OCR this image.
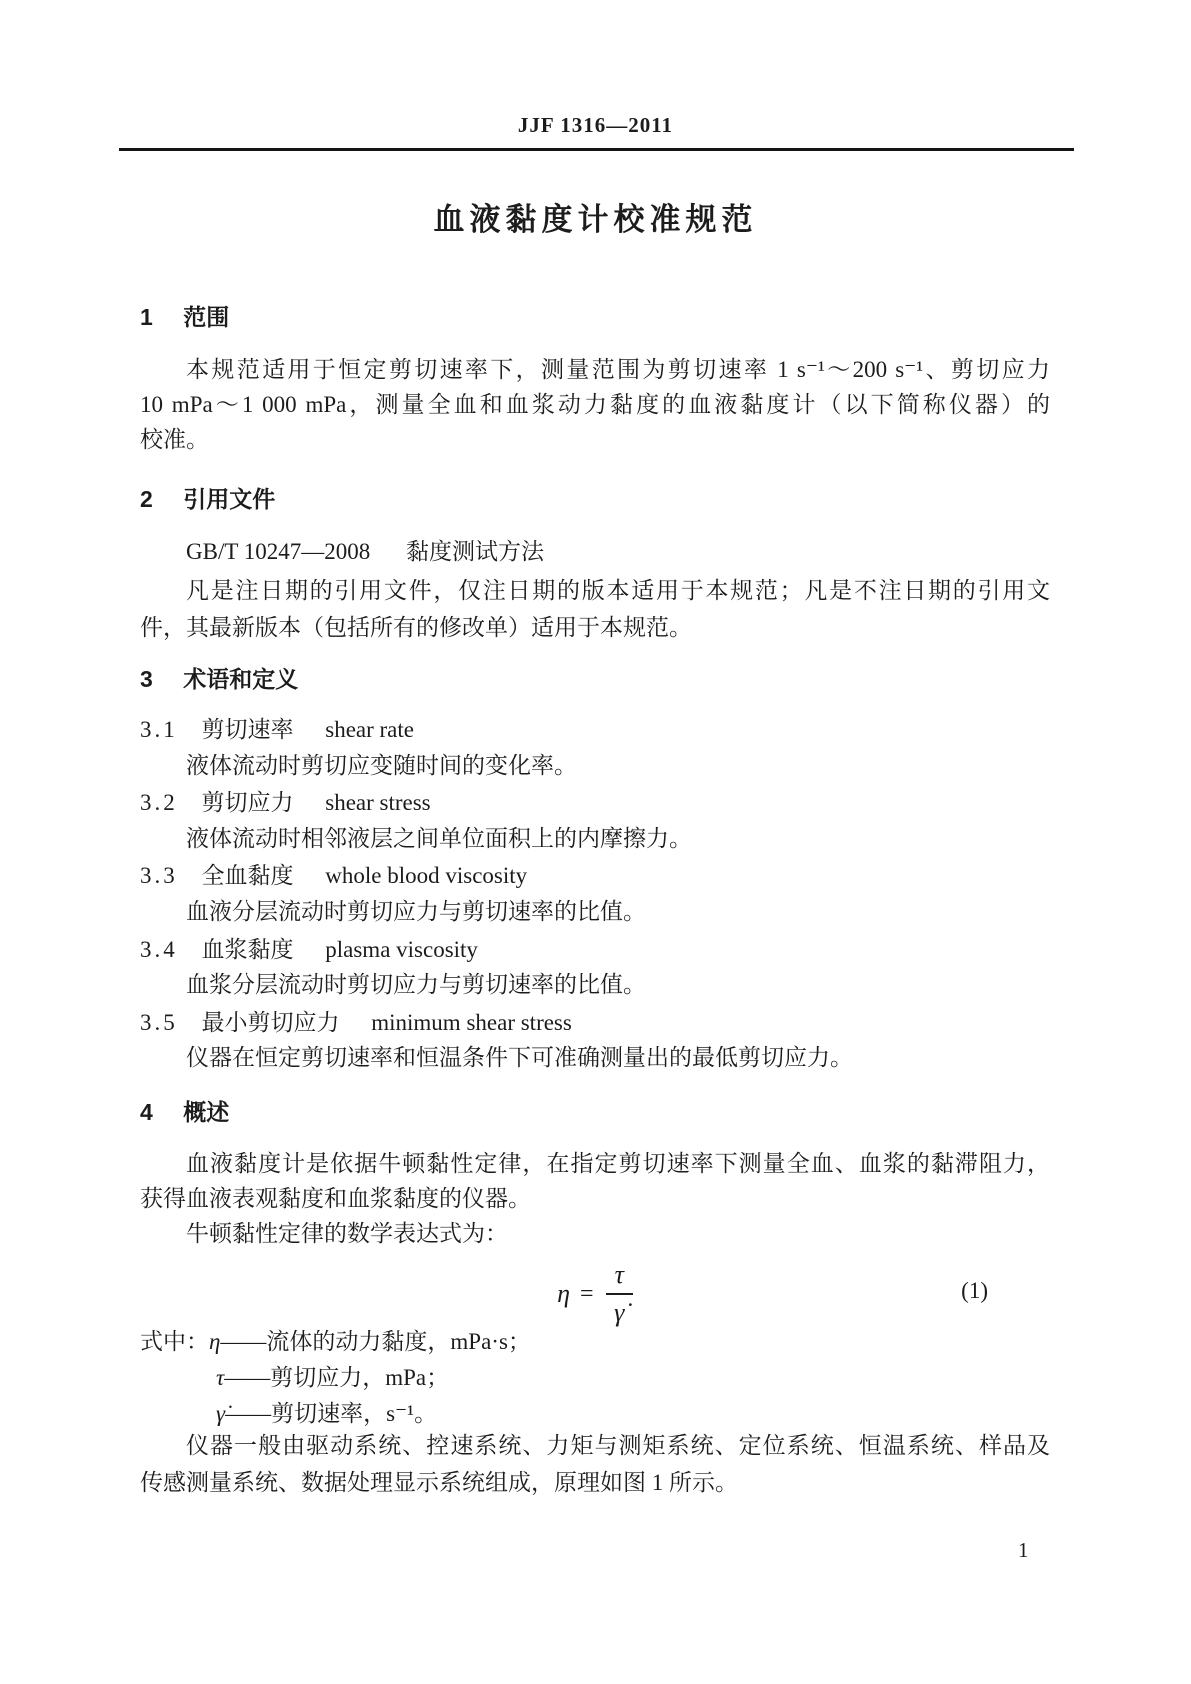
JJF 1316—2011
血液黏度计校准规范
1 范围
本规范适用于恒定剪切速率下，测量范围为剪切速率 1 s⁻¹～200 s⁻¹、剪切应力
10 mPa～1 000 mPa，测量全血和血浆动力黏度的血液黏度计（以下简称仪器）的
校准。
2 引用文件
GB/T 10247—2008 黏度测试方法
凡是注日期的引用文件，仅注日期的版本适用于本规范；凡是不注日期的引用文
件，其最新版本（包括所有的修改单）适用于本规范。
3 术语和定义
3.1 剪切速率 shear rate
液体流动时剪切应变随时间的变化率。
3.2 剪切应力 shear stress
液体流动时相邻液层之间单位面积上的内摩擦力。
3.3 全血黏度 whole blood viscosity
血液分层流动时剪切应力与剪切速率的比值。
3.4 血浆黏度 plasma viscosity
血浆分层流动时剪切应力与剪切速率的比值。
3.5 最小剪切应力 minimum shear stress
仪器在恒定剪切速率和恒温条件下可准确测量出的最低剪切应力。
4 概述
血液黏度计是依据牛顿黏性定律，在指定剪切速率下测量全血、血浆的黏滞阻力，
获得血液表观黏度和血浆黏度的仪器。
牛顿黏性定律的数学表达式为：
$\eta = \frac{\tau}{\gammȧ}$	(1)
式中：η——流体的动力黏度，mPa·s；
τ——剪切应力，mPa；
γ̇——剪切速率，s⁻¹。
仪器一般由驱动系统、控速系统、力矩与测矩系统、定位系统、恒温系统、样品及
传感测量系统、数据处理显示系统组成，原理如图 1 所示。
1
